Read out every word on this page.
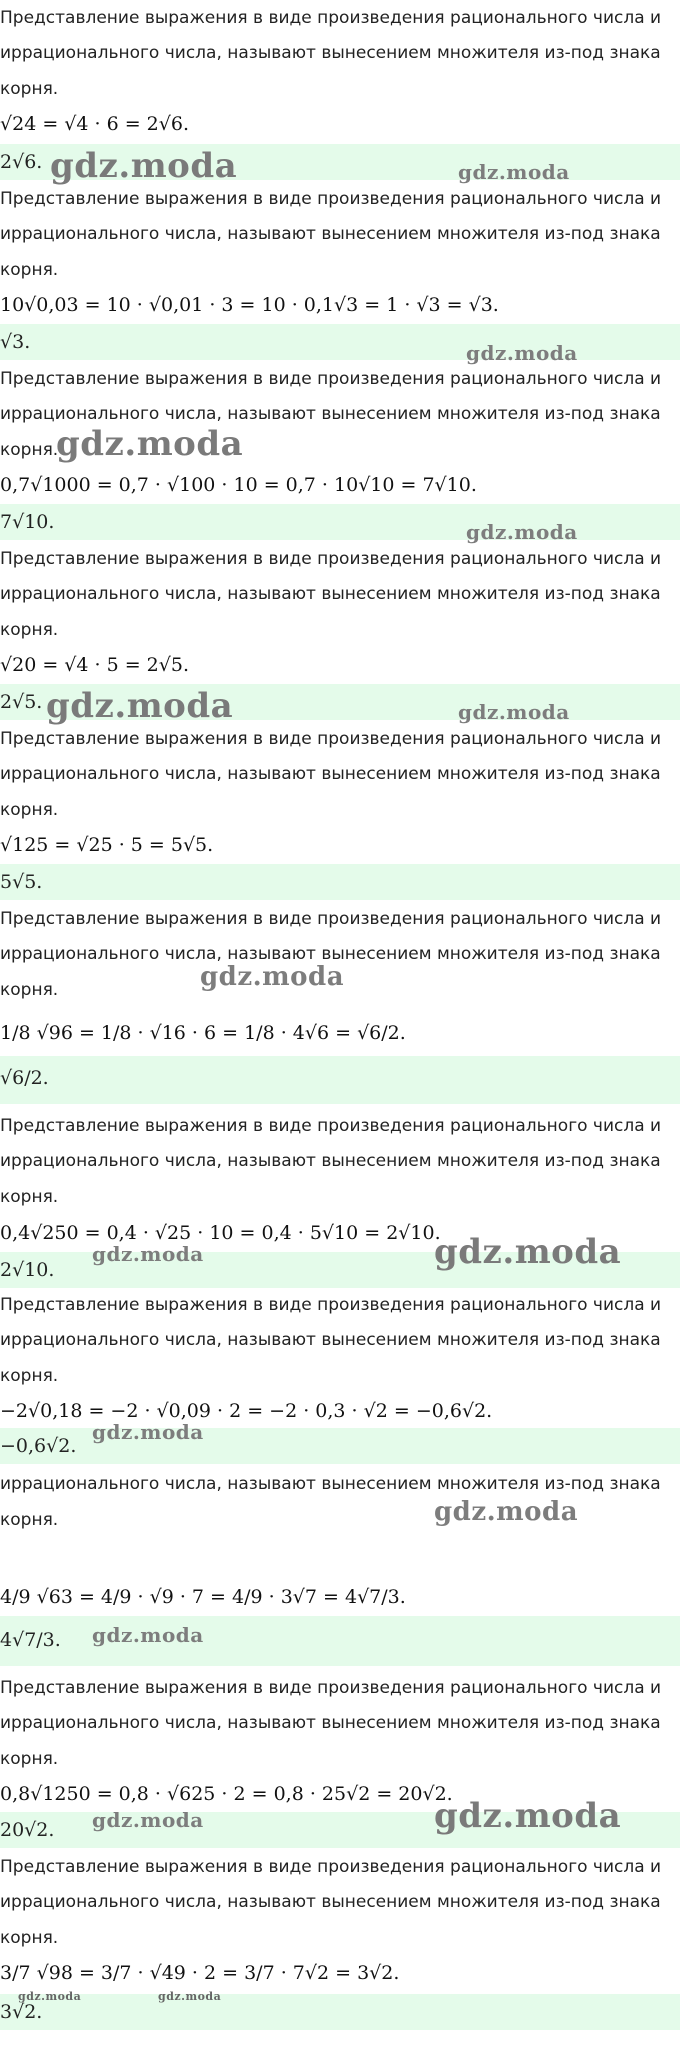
Представление выражения в виде произведения рационального числа и
иррационального числа, называют вынесением множителя из-под знака
корня.
√24 = √4 · 6 = 2√6.
2√6.
Представление выражения в виде произведения рационального числа и
иррационального числа, называют вынесением множителя из-под знака
корня.
10√0,03 = 10 · √0,01 · 3 = 10 · 0,1√3 = 1 · √3 = √3.
√3.
Представление выражения в виде произведения рационального числа и
иррационального числа, называют вынесением множителя из-под знака
корня.
0,7√1000 = 0,7 · √100 · 10 = 0,7 · 10√10 = 7√10.
7√10.
Представление выражения в виде произведения рационального числа и
иррационального числа, называют вынесением множителя из-под знака
корня.
√20 = √4 · 5 = 2√5.
2√5.
Представление выражения в виде произведения рационального числа и
иррационального числа, называют вынесением множителя из-под знака
корня.
√125 = √25 · 5 = 5√5.
5√5.
Представление выражения в виде произведения рационального числа и
иррационального числа, называют вынесением множителя из-под знака
корня.
1/8 √96 = 1/8 · √16 · 6 = 1/8 · 4√6 = √6/2.
√6/2.
Представление выражения в виде произведения рационального числа и
иррационального числа, называют вынесением множителя из-под знака
корня.
0,4√250 = 0,4 · √25 · 10 = 0,4 · 5√10 = 2√10.
2√10.
Представление выражения в виде произведения рационального числа и
иррационального числа, называют вынесением множителя из-под знака
корня.
−2√0,18 = −2 · √0,09 · 2 = −2 · 0,3 · √2 = −0,6√2.
−0,6√2.
иррационального числа, называют вынесением множителя из-под знака
корня.
4/9 √63 = 4/9 · √9 · 7 = 4/9 · 3√7 = 4√7/3.
4√7/3.
Представление выражения в виде произведения рационального числа и
иррационального числа, называют вынесением множителя из-под знака
корня.
0,8√1250 = 0,8 · √625 · 2 = 0,8 · 25√2 = 20√2.
20√2.
Представление выражения в виде произведения рационального числа и
иррационального числа, называют вынесением множителя из-под знака
корня.
3/7 √98 = 3/7 · √49 · 2 = 3/7 · 7√2 = 3√2.
3√2.
gdz.moda	gdz.moda
gdz.moda
gdz.moda
gdz.moda
gdz.moda	gdz.moda
gdz.moda
gdz.moda	gdz.moda
gdz.moda
gdz.moda
gdz.moda
gdz.moda	gdz.moda
gdz.moda	gdz.moda
